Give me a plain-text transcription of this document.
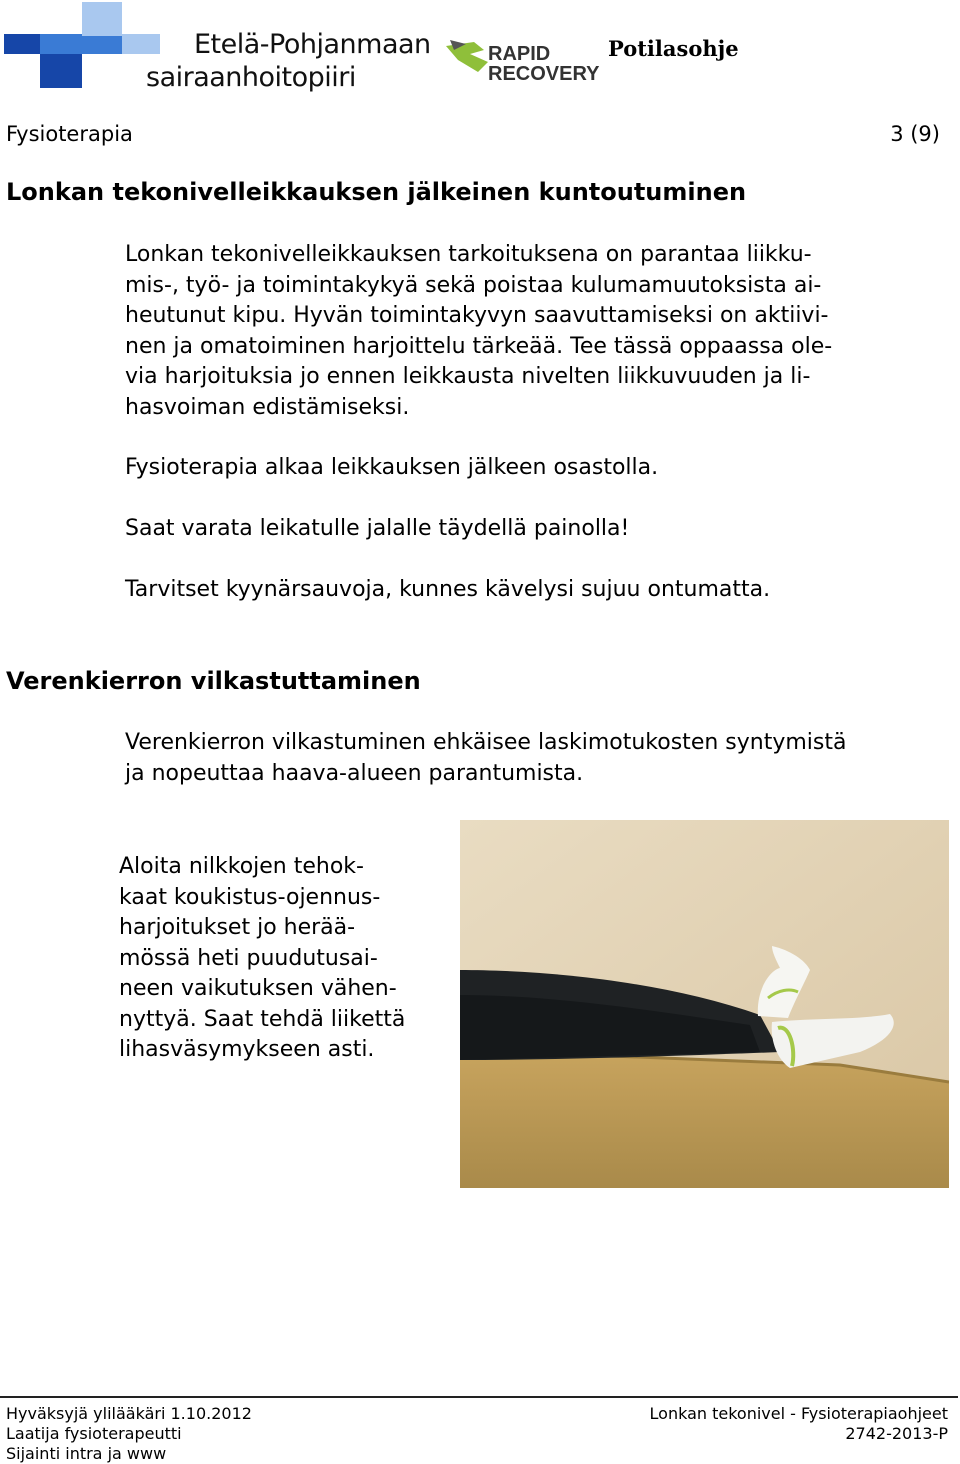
Etelä-Pohjanmaan
sairaanhoitopiiri
RAPID
RECOVERY
Potilasohje
Fysioterapia	3 (9)
Lonkan tekonivelleikkauksen jälkeinen kuntoutuminen
Lonkan tekonivelleikkauksen tarkoituksena on parantaa liikku-
mis-, työ- ja toimintakykyä sekä poistaa kulumamuutoksista ai-
heutunut kipu. Hyvän toimintakyvyn saavuttamiseksi on aktiivi-
nen ja omatoiminen harjoittelu tärkeää. Tee tässä oppaassa ole-
via harjoituksia jo ennen leikkausta nivelten liikkuvuuden ja li-
hasvoiman edistämiseksi.

Fysioterapia alkaa leikkauksen jälkeen osastolla.

Saat varata leikatulle jalalle täydellä painolla!

Tarvitset kyynärsauvoja, kunnes kävelysi sujuu ontumatta.

Verenkierron vilkastuttaminen
Verenkierron vilkastuminen ehkäisee laskimotukosten syntymistä
ja nopeuttaa haava-alueen parantumista.
Aloita nilkkojen tehok-
kaat koukistus-ojennus-
harjoitukset jo herää-
mössä heti puudutusai-
neen vaikutuksen vähen-
nyttyä. Saat tehdä liikettä
lihasväsymykseen asti.
Hyväksyjä ylilääkäri 1.10.2012
Laatija fysioterapeutti
Sijainti intra ja www
Lonkan tekonivel - Fysioterapiaohjeet
2742-2013-P
